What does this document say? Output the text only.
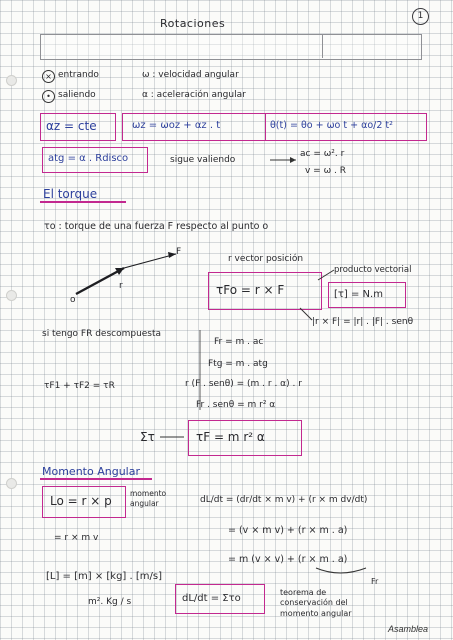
Rotaciones
1
× entrando
• saliendo
ω : velocidad angular
α : aceleración angular
αz = cte	ωz = ωoz + αz . t	θ(t) = θo + ωo t + αo/2 t²
atg = α . Rdisco	sigue valiendo
ac = ω². r
v = ω . R
El torque
τo : torque de una fuerza F respecto al punto o
F
r
o
r vector posición
producto vectorial
τFo = r × F	[τ] = N.m
|r × F| = |r| . |F| . senθ
si tengo FR descompuesta
Fr = m . ac
Ftg = m . atg
r (F . senθ) = (m . r . α) . r
Fr . senθ = m r² α
τF1 + τF2 = τR
Στ	τF = m r² α
Momento Angular
Lo = r × p
momento angular
= r × m v
[L] = [m] × [kg] . [m/s]
m². Kg / s
dL/dt = (dr/dt × m v) + (r × m dv/dt)
= (v × m v) + (r × m . a)
= m (v × v) + (r × m . a)
Fr
dL/dt = Στo
teorema de conservación del momento angular
Asamblea
